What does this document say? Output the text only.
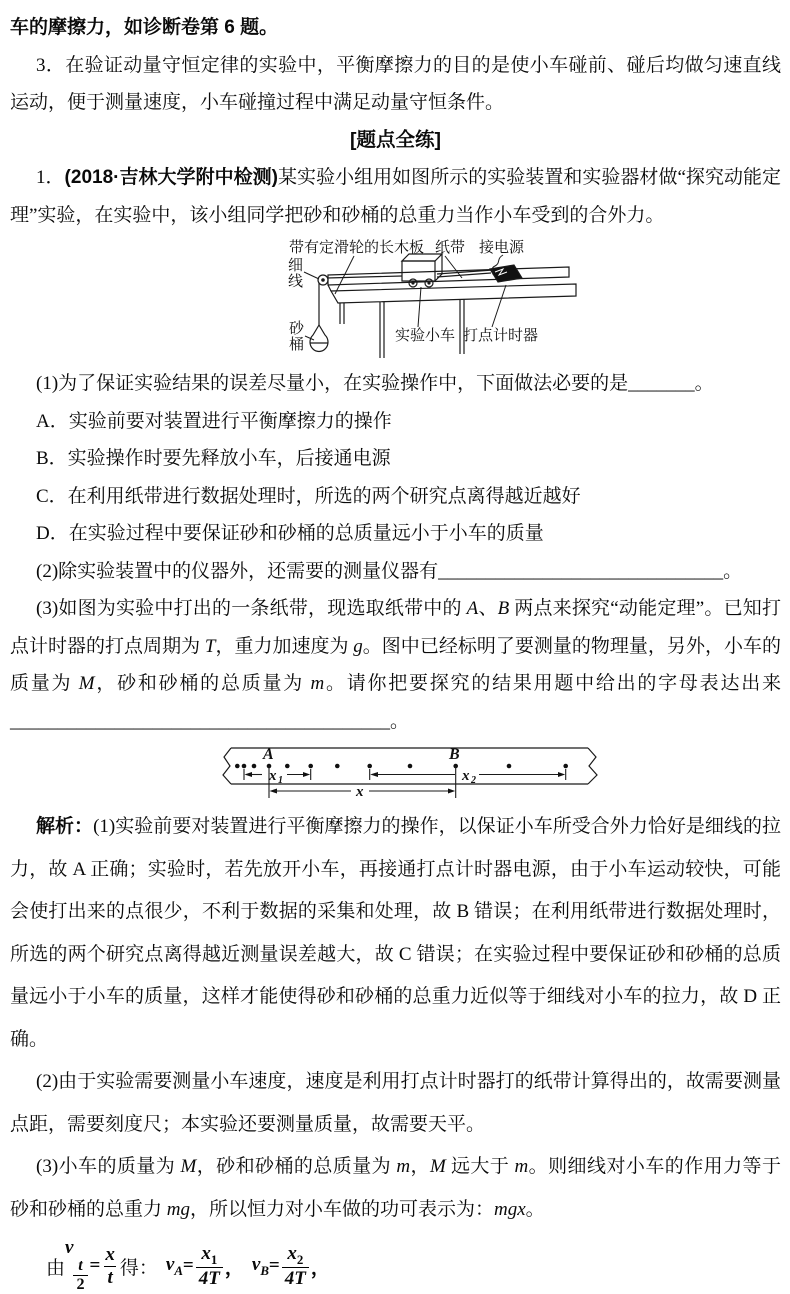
车的摩擦力，如诊断卷第 6 题。

3．在验证动量守恒定律的实验中，平衡摩擦力的目的是使小车碰前、碰后均做匀速直线运动，便于测量速度，小车碰撞过程中满足动量守恒条件。

[题点全练]

1．(2018·吉林大学附中检测)某实验小组用如图所示的实验装置和实验器材做“探究动能定理”实验，在实验中，该小组同学把砂和砂桶的总重力当作小车受到的合外力。

带有定滑轮的长木板 纸带 接电源
细
线
砂
桶
实验小车 打点计时器

(1)为了保证实验结果的误差尽量小，在实验操作中，下面做法必要的是_______。

A．实验前要对装置进行平衡摩擦力的操作

B．实验操作时要先释放小车，后接通电源

C．在利用纸带进行数据处理时，所选的两个研究点离得越近越好

D．在实验过程中要保证砂和砂桶的总质量远小于小车的质量

(2)除实验装置中的仪器外，还需要的测量仪器有______________________________。

(3)如图为实验中打出的一条纸带，现选取纸带中的 A、B 两点来探究“动能定理”。已知打点计时器的打点周期为 T，重力加速度为 g。图中已经标明了要测量的物理量，另外，小车的质量为 M，砂和砂桶的总质量为 m。请你把要探究的结果用题中给出的字母表达出来________________________________________。

A	B
x 1	x 2
x

解析：(1)实验前要对装置进行平衡摩擦力的操作，以保证小车所受合外力恰好是细线的拉力，故 A 正确；实验时，若先放开小车，再接通打点计时器电源，由于小车运动较快，可能会使打出来的点很少，不利于数据的采集和处理，故 B 错误；在利用纸带进行数据处理时，所选的两个研究点离得越近测量误差越大，故 C 错误；在实验过程中要保证砂和砂桶的总质量远小于小车的质量，这样才能使得砂和砂桶的总重力近似等于细线对小车的拉力，故 D 正确。

(2)由于实验需要测量小车速度，速度是利用打点计时器打的纸带计算得出的，故需要测量点距，需要刻度尺；本实验还要测量质量，故需要天平。

(3)小车的质量为 M，砂和砂桶的总质量为 m，M 远大于 m。则细线对小车的作用力等于砂和砂桶的总重力 mg，所以恒力对小车做的功可表示为：mgx。

由
v
$\frac{t}{2} = \frac{x}{t}$ 得： $v_A = \frac{x_1}{4T}$ ， $v_B = \frac{x_2}{4T}$ ，
